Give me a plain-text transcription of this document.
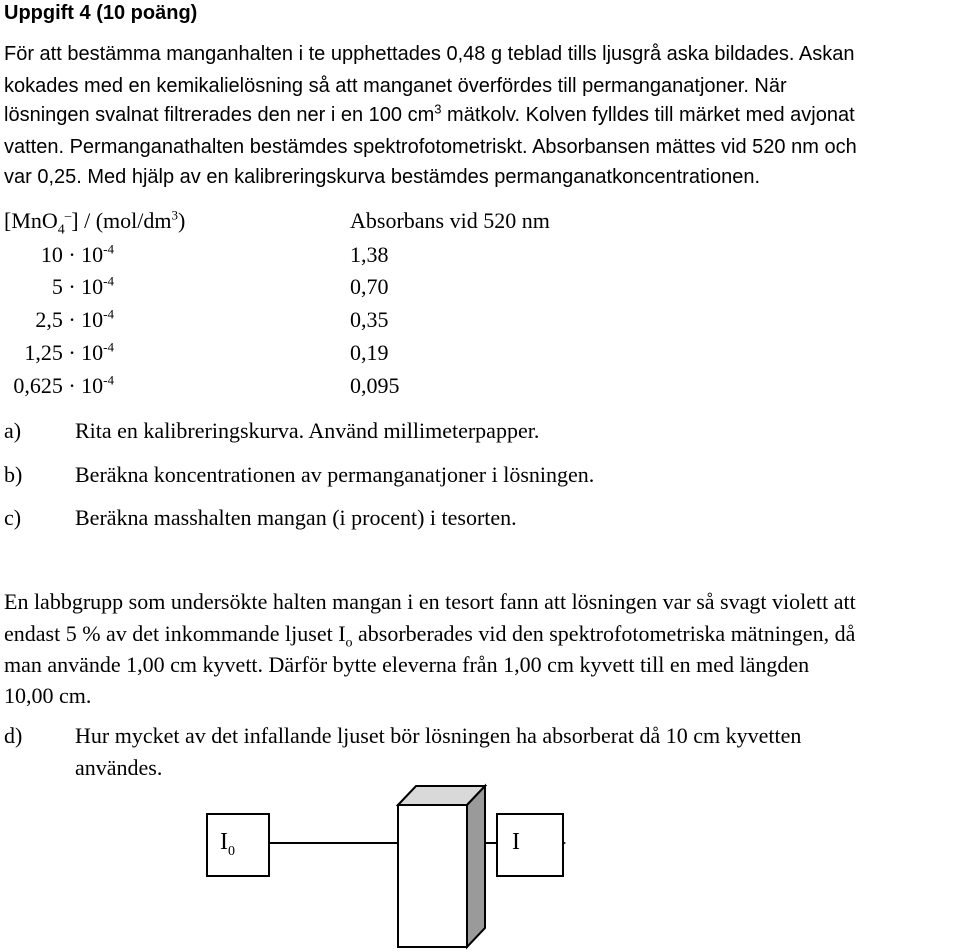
Uppgift 4 (10 poäng)
För att bestämma manganhalten i te upphettades 0,48 g teblad tills ljusgrå aska bildades. Askan
kokades med en kemikalielösning så att manganet överfördes till permanganatjoner. När
lösningen svalnat filtrerades den ner i en 100 $cm^3$ mätkolv. Kolven fylldes till märket med avjonat
vatten. Permanganathalten bestämdes spektrofotometriskt. Absorbansen mättes vid 520 nm och
var 0,25. Med hjälp av en kalibreringskurva bestämdes permanganatkoncentrationen.
$[MnO_4^-] / (mol/dm^3)$	Absorbans vid 520 nm
$10 \cdot 10^{-4}$	1,38
$5 \cdot 10^{-4}$	0,70
$2,5 \cdot 10^{-4}$	0,35
$1,25 \cdot 10^{-4}$	0,19
$0,625 \cdot 10^{-4}$	0,095
a) Rita en kalibreringskurva. Använd millimeterpapper.
b) Beräkna koncentrationen av permanganatjoner i lösningen.
c) Beräkna masshalten mangan (i procent) i tesorten.
En labbgrupp som undersökte halten mangan i en tesort fann att lösningen var så svagt violett att
endast 5 % av det inkommande ljuset $I_o$ absorberades vid den spektrofotometriska mätningen, då
man använde 1,00 cm kyvett. Därför bytte eleverna från 1,00 cm kyvett till en med längden
10,00 cm.
d) Hur mycket av det infallande ljuset bör lösningen ha absorberat då 10 cm kyvetten
användes.
$I_0$	I
